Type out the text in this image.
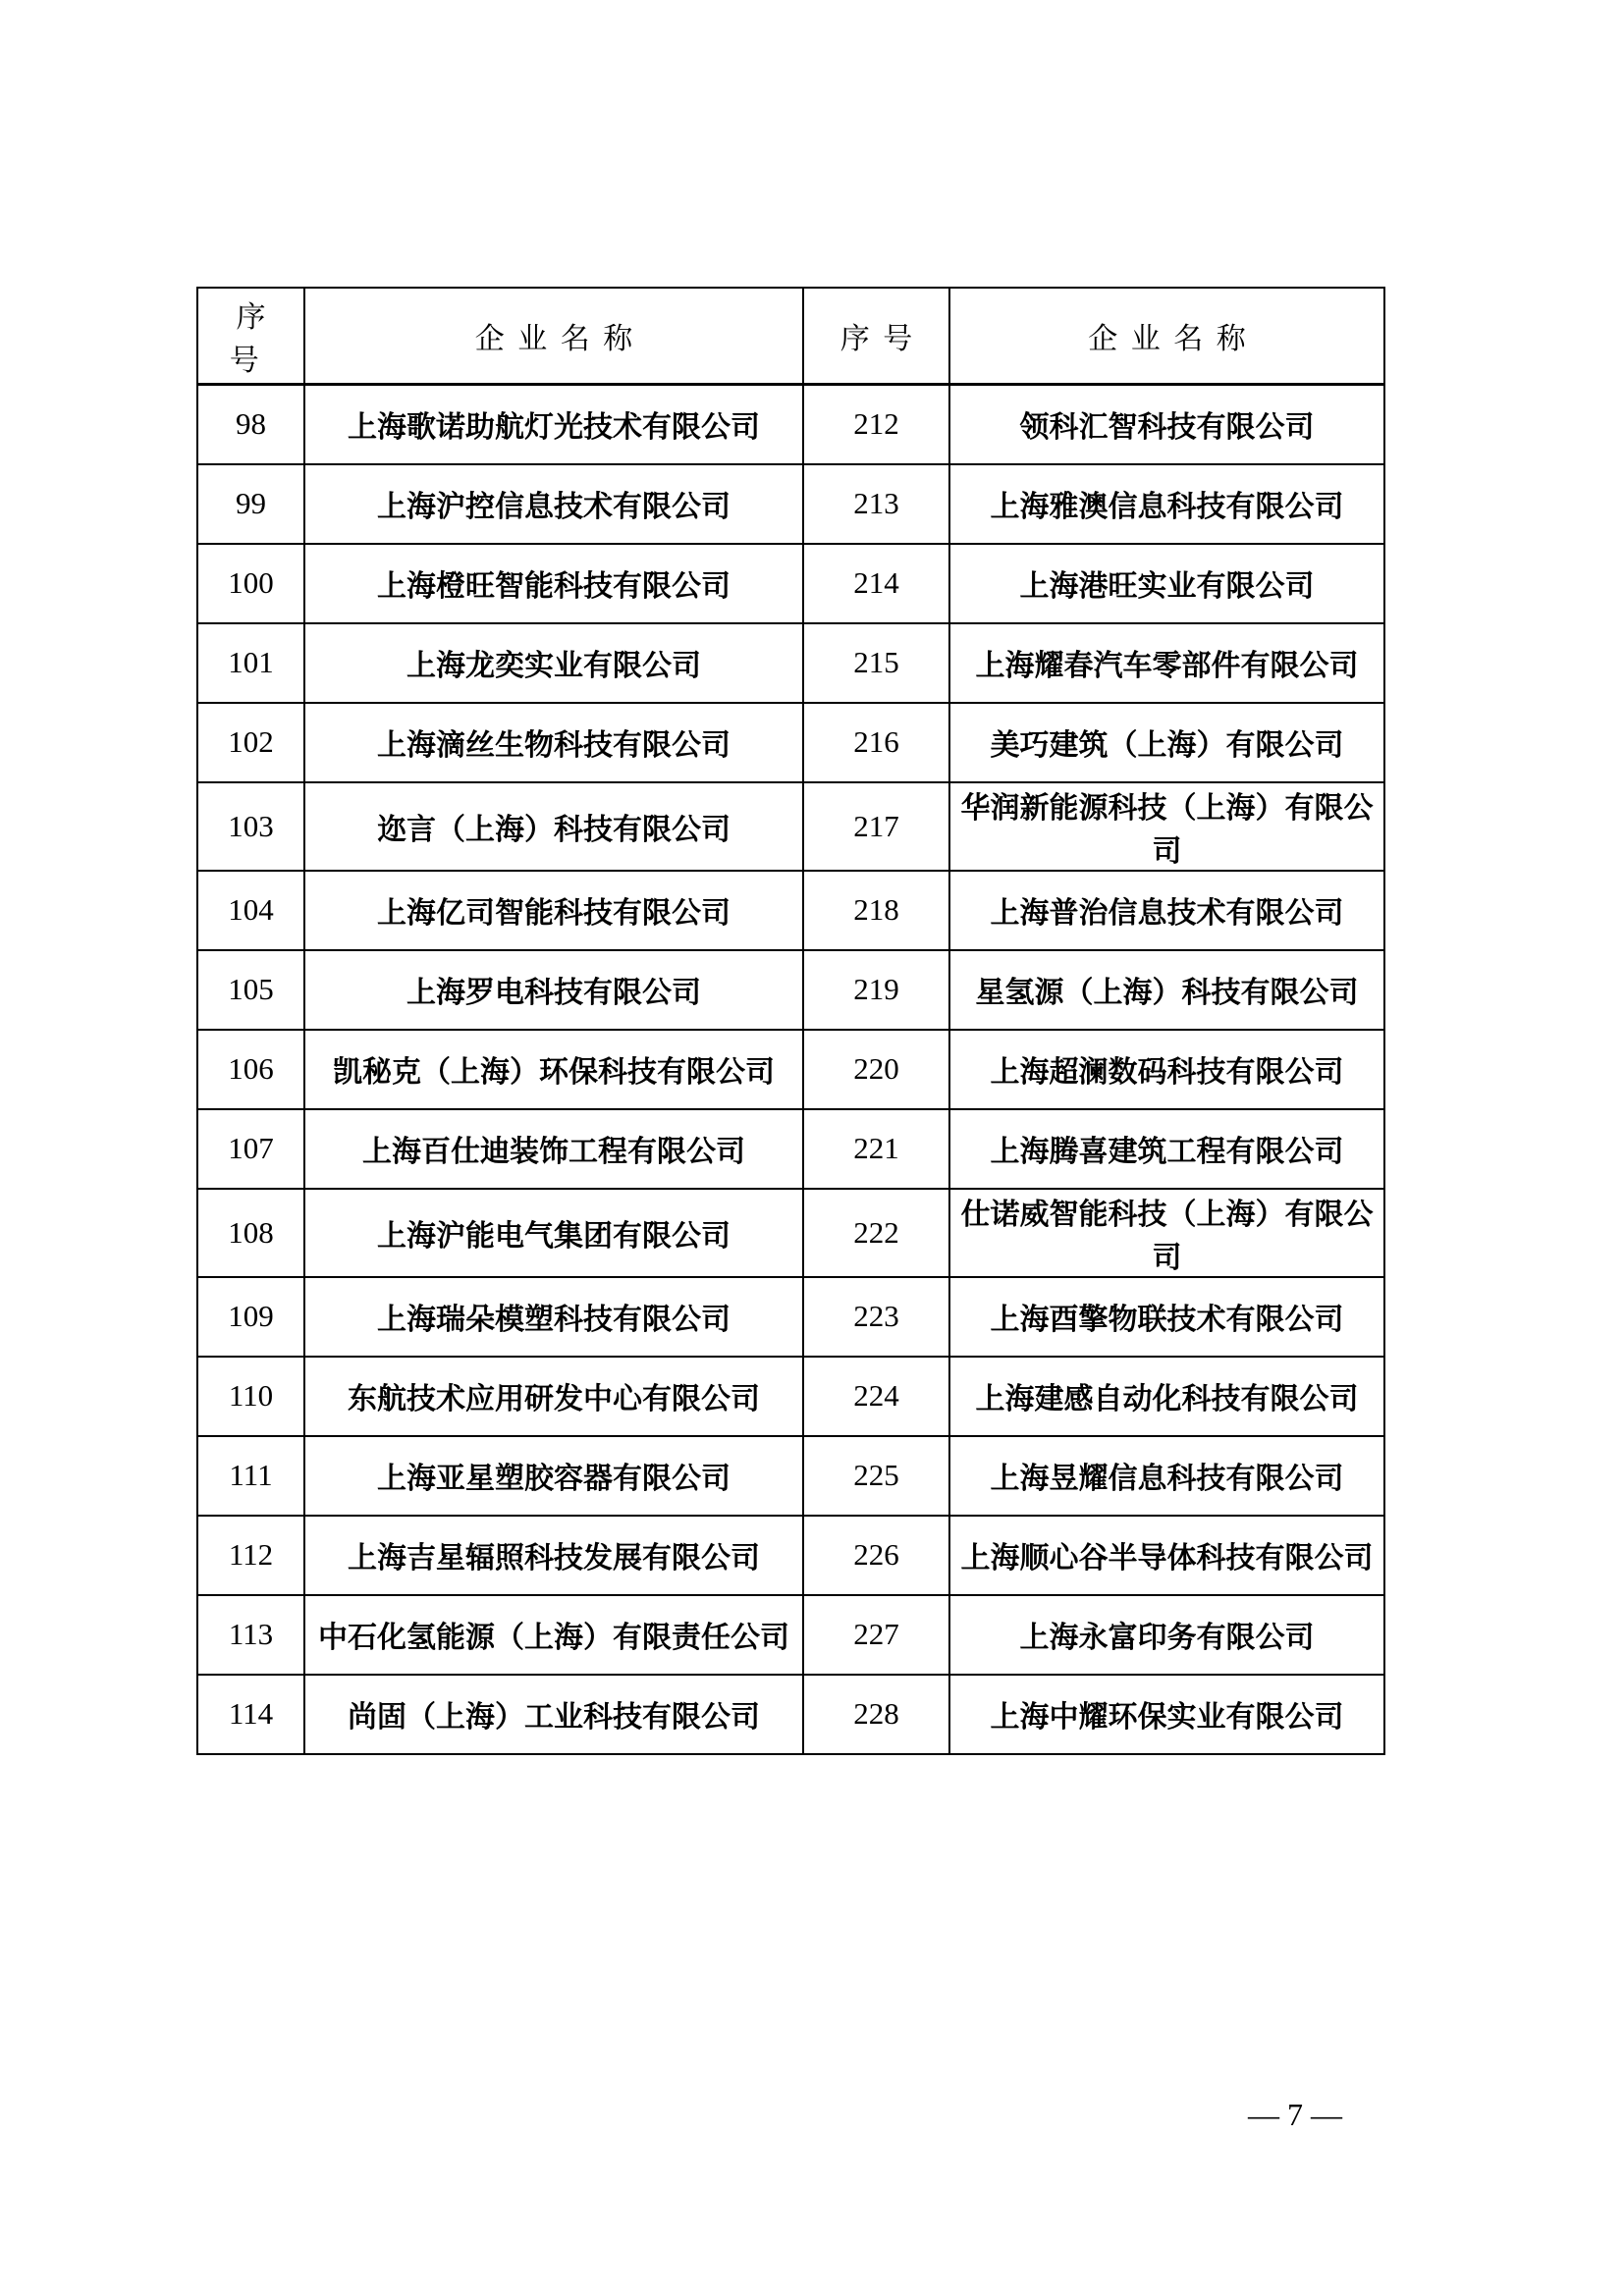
序号	企业名称	序号	企业名称
98	上海歌诺助航灯光技术有限公司	212	领科汇智科技有限公司
99	上海沪控信息技术有限公司	213	上海雅澳信息科技有限公司
100	上海橙旺智能科技有限公司	214	上海港旺实业有限公司
101	上海龙奕实业有限公司	215	上海耀春汽车零部件有限公司
102	上海滴丝生物科技有限公司	216	美巧建筑（上海）有限公司
103	迩言（上海）科技有限公司	217	华润新能源科技（上海）有限公司
104	上海亿司智能科技有限公司	218	上海普治信息技术有限公司
105	上海罗电科技有限公司	219	星氢源（上海）科技有限公司
106	凯秘克（上海）环保科技有限公司	220	上海超澜数码科技有限公司
107	上海百仕迪装饰工程有限公司	221	上海腾喜建筑工程有限公司
108	上海沪能电气集团有限公司	222	仕诺威智能科技（上海）有限公司
109	上海瑞朵模塑科技有限公司	223	上海酉擎物联技术有限公司
110	东航技术应用研发中心有限公司	224	上海建感自动化科技有限公司
111	上海亚星塑胶容器有限公司	225	上海昱耀信息科技有限公司
112	上海吉星辐照科技发展有限公司	226	上海顺心谷半导体科技有限公司
113	中石化氢能源（上海）有限责任公司	227	上海永富印务有限公司
114	尚固（上海）工业科技有限公司	228	上海中耀环保实业有限公司
— 7 —
